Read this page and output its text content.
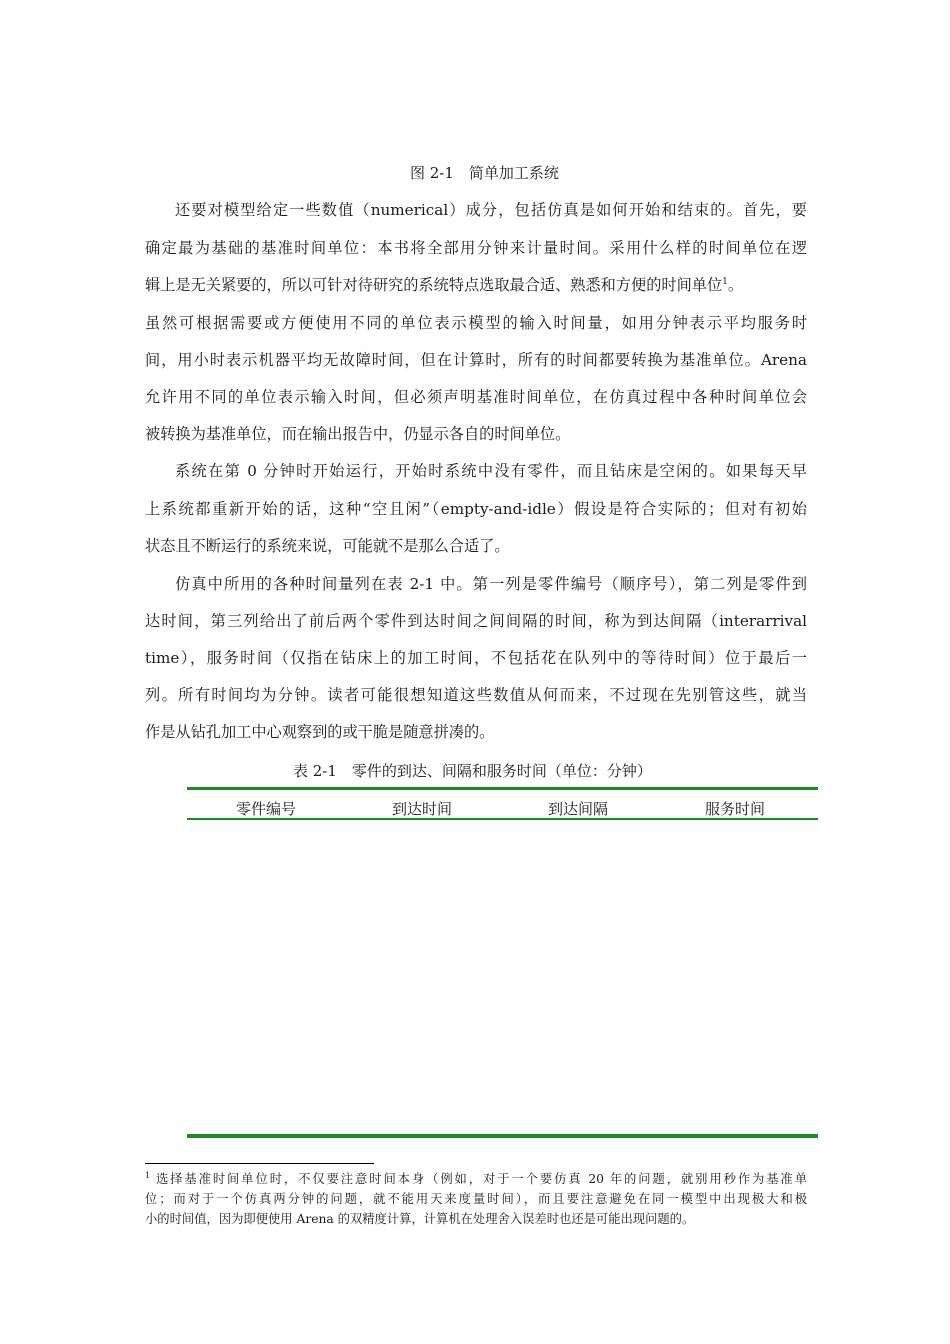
图 2-1　简单加工系统
还要对模型给定一些数值（numerical）成分，包括仿真是如何开始和结束的。首先，要
确定最为基础的基准时间单位：本书将全部用分钟来计量时间。采用什么样的时间单位在逻
辑上是无关紧要的，所以可针对待研究的系统特点选取最合适、熟悉和方便的时间单位$^1$。
虽然可根据需要或方便使用不同的单位表示模型的输入时间量，如用分钟表示平均服务时
间，用小时表示机器平均无故障时间，但在计算时，所有的时间都要转换为基准单位。Arena
允许用不同的单位表示输入时间，但必须声明基准时间单位，在仿真过程中各种时间单位会
被转换为基准单位，而在输出报告中，仍显示各自的时间单位。
系统在第 0 分钟时开始运行，开始时系统中没有零件，而且钻床是空闲的。如果每天早
上系统都重新开始的话，这种“空且闲”（empty-and-idle）假设是符合实际的；但对有初始
状态且不断运行的系统来说，可能就不是那么合适了。
仿真中所用的各种时间量列在表 2-1 中。第一列是零件编号（顺序号），第二列是零件到
达时间，第三列给出了前后两个零件到达时间之间间隔的时间，称为到达间隔（interarrival
time），服务时间（仅指在钻床上的加工时间，不包括花在队列中的等待时间）位于最后一
列。所有时间均为分钟。读者可能很想知道这些数值从何而来，不过现在先别管这些，就当
作是从钻孔加工中心观察到的或干脆是随意拼凑的。
表 2-1　零件的到达、间隔和服务时间（单位：分钟）
零件编号	到达时间	到达间隔	服务时间
$^1$ 选择基准时间单位时，不仅要注意时间本身（例如，对于一个要仿真 20 年的问题，就别用秒作为基准单
位；而对于一个仿真两分钟的问题，就不能用天来度量时间），而且要注意避免在同一模型中出现极大和极
小的时间值，因为即便使用 Arena 的双精度计算，计算机在处理舍入误差时也还是可能出现问题的。
